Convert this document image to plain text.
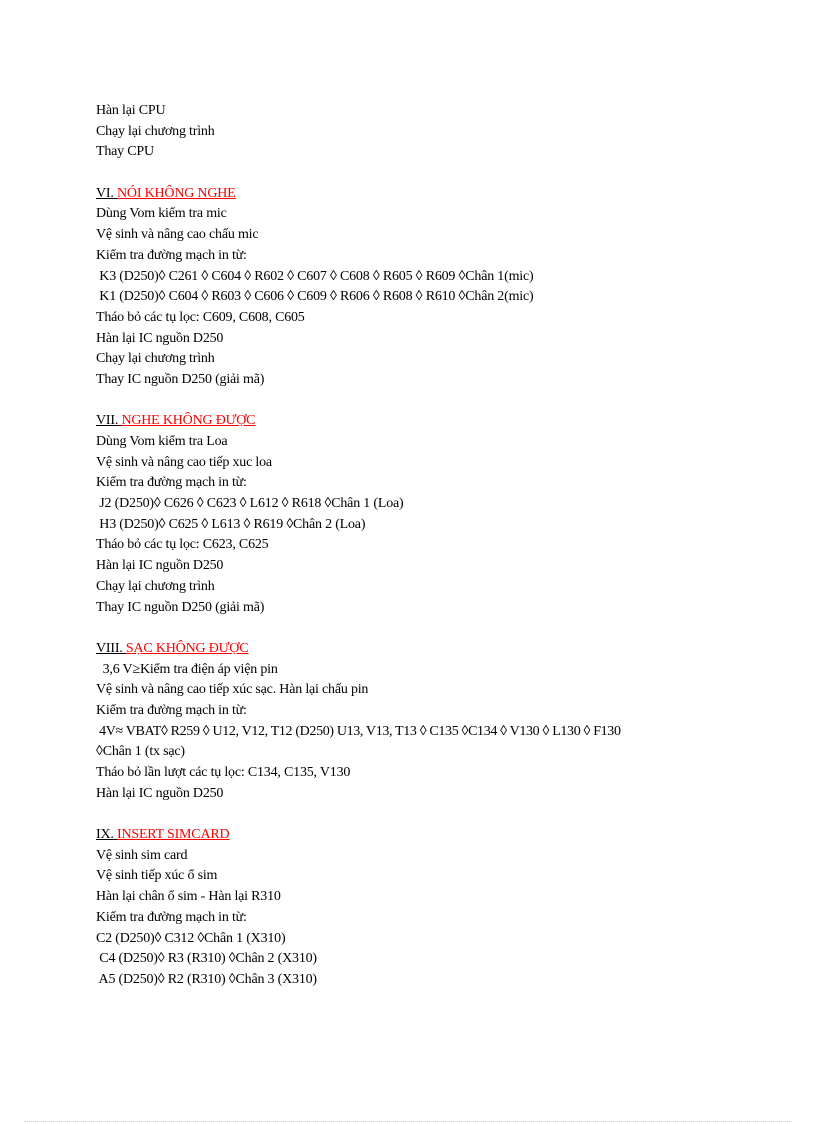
Hàn lại CPU
Chạy lại chương trình
Thay CPU
VI. NÓI KHÔNG NGHE
Dùng Vom kiểm tra mic
Vệ sinh và nâng cao chấu mic
Kiểm tra đường mạch in từ:
K3 (D250)◊ C261 ◊ C604 ◊ R602 ◊ C607 ◊ C608 ◊ R605 ◊ R609 ◊Chân 1(mic)
K1 (D250)◊ C604 ◊ R603 ◊ C606 ◊ C609 ◊ R606 ◊ R608 ◊ R610 ◊Chân 2(mic)
Tháo bỏ các tụ lọc: C609, C608, C605
Hàn lại IC nguồn D250
Chạy lại chương trình
Thay IC nguồn D250 (giải mã)
VII. NGHE KHÔNG ĐƯỢC
Dùng Vom kiểm tra Loa
Vệ sinh và nâng cao tiếp xuc loa
Kiểm tra đường mạch in từ:
J2 (D250)◊ C626 ◊ C623 ◊ L612 ◊ R618 ◊Chân 1 (Loa)
H3 (D250)◊ C625 ◊ L613 ◊ R619 ◊Chân 2 (Loa)
Tháo bỏ các tụ lọc: C623, C625
Hàn lại IC nguồn D250
Chạy lại chương trình
Thay IC nguồn D250 (giải mã)
VIII. SẠC KHÔNG ĐƯỢC
3,6 V≥Kiểm tra điện áp viện pin
Vệ sinh và nâng cao tiếp xúc sạc. Hàn lại chấu pin
Kiểm tra đường mạch in từ:
4V≈ VBAT◊ R259 ◊ U12, V12, T12 (D250) U13, V13, T13 ◊ C135 ◊C134 ◊ V130 ◊ L130 ◊ F130
◊Chân 1 (tx sạc)
Tháo bỏ lần lượt các tụ lọc: C134, C135, V130
Hàn lại IC nguồn D250
IX. INSERT SIMCARD
Vệ sinh sim card
Vệ sinh tiếp xúc ổ sim
Hàn lại chân ổ sim - Hàn lại R310
Kiểm tra đường mạch in từ:
C2 (D250)◊ C312 ◊Chân 1 (X310)
C4 (D250)◊ R3 (R310) ◊Chân 2 (X310)
A5 (D250)◊ R2 (R310) ◊Chân 3 (X310)
